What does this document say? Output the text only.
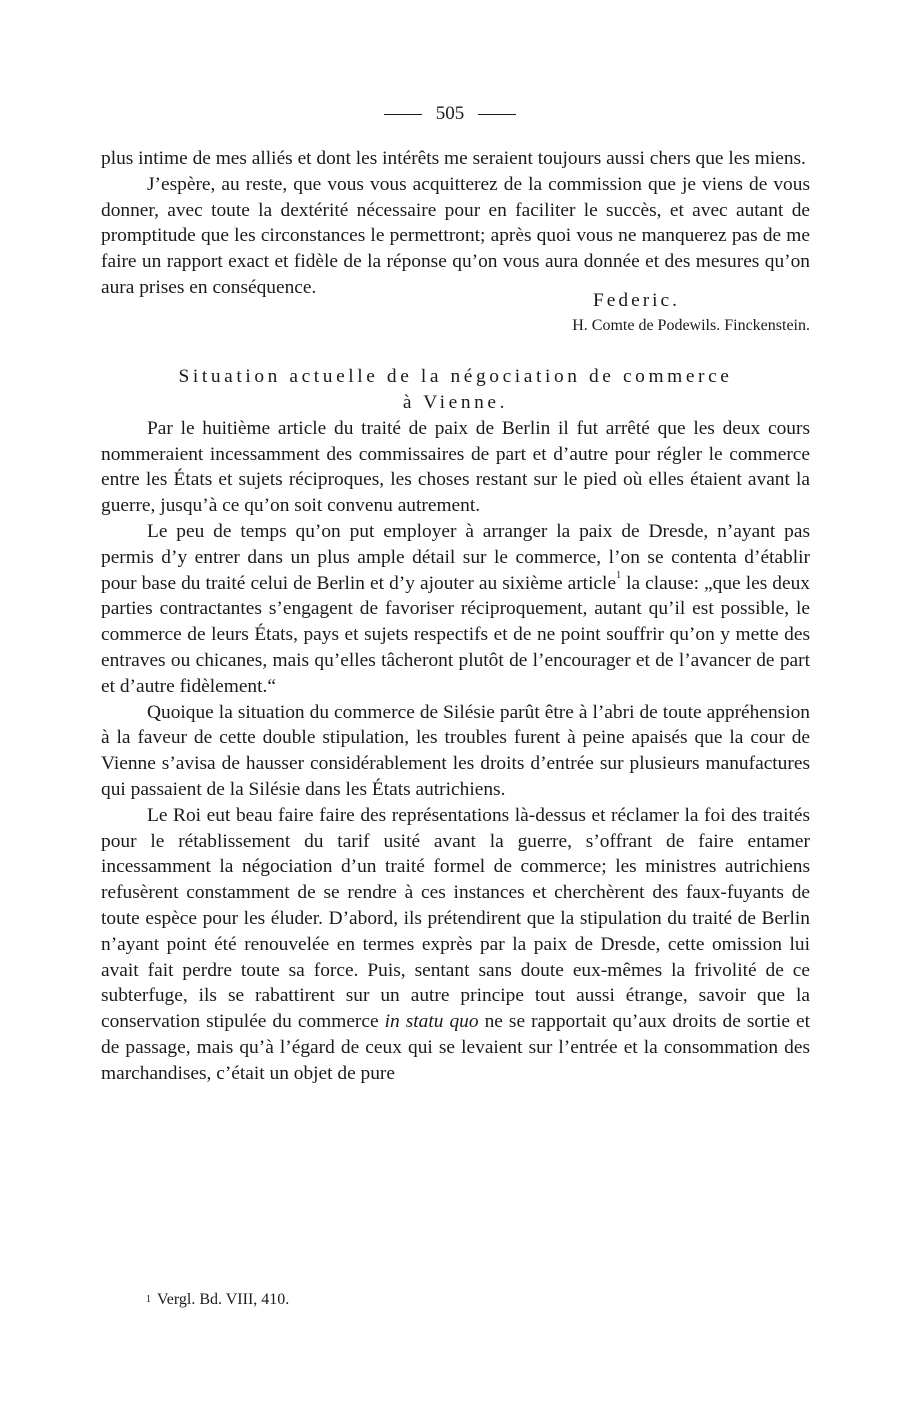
505

plus intime de mes alliés et dont les intérêts me seraient toujours aussi chers que les miens.

J’espère, au reste, que vous vous acquitterez de la commission que je viens de vous donner, avec toute la dextérité nécessaire pour en faciliter le succès, et avec autant de promptitude que les circonstances le permettront; après quoi vous ne manquerez pas de me faire un rapport exact et fidèle de la réponse qu’on vous aura donnée et des mesures qu’on aura prises en conséquence.

Federic.

H. Comte de Podewils. Finckenstein.

Situation actuelle de la négociation de commerce
à Vienne.

Par le huitième article du traité de paix de Berlin il fut arrêté que les deux cours nommeraient incessamment des commissaires de part et d’autre pour régler le commerce entre les États et sujets réciproques, les choses restant sur le pied où elles étaient avant la guerre, jusqu’à ce qu’on soit convenu autrement.

Le peu de temps qu’on put employer à arranger la paix de Dresde, n’ayant pas permis d’y entrer dans un plus ample détail sur le commerce, l’on se contenta d’établir pour base du traité celui de Berlin et d’y ajouter au sixième article$^1$ la clause: „que les deux parties contractantes s’engagent de favoriser réciproquement, autant qu’il est possible, le commerce de leurs États, pays et sujets respectifs et de ne point souffrir qu’on y mette des entraves ou chicanes, mais qu’elles tâcheront plutôt de l’encourager et de l’avancer de part et d’autre fidèlement.“

Quoique la situation du commerce de Silésie parût être à l’abri de toute appréhension à la faveur de cette double stipulation, les troubles furent à peine apaisés que la cour de Vienne s’avisa de hausser considérablement les droits d’entrée sur plusieurs manufactures qui passaient de la Silésie dans les États autrichiens.

Le Roi eut beau faire faire des représentations là-dessus et réclamer la foi des traités pour le rétablissement du tarif usité avant la guerre, s’offrant de faire entamer incessamment la négociation d’un traité formel de commerce; les ministres autrichiens refusèrent constamment de se rendre à ces instances et cherchèrent des faux-fuyants de toute espèce pour les éluder. D’abord, ils prétendirent que la stipulation du traité de Berlin n’ayant point été renouvelée en termes exprès par la paix de Dresde, cette omission lui avait fait perdre toute sa force. Puis, sentant sans doute eux-mêmes la frivolité de ce subterfuge, ils se rabattirent sur un autre principe tout aussi étrange, savoir que la conservation stipulée du commerce in statu quo ne se rapportait qu’aux droits de sortie et de passage, mais qu’à l’égard de ceux qui se levaient sur l’entrée et la consommation des marchandises, c’était un objet de pure

$^1$ Vergl. Bd. VIII, 410.
